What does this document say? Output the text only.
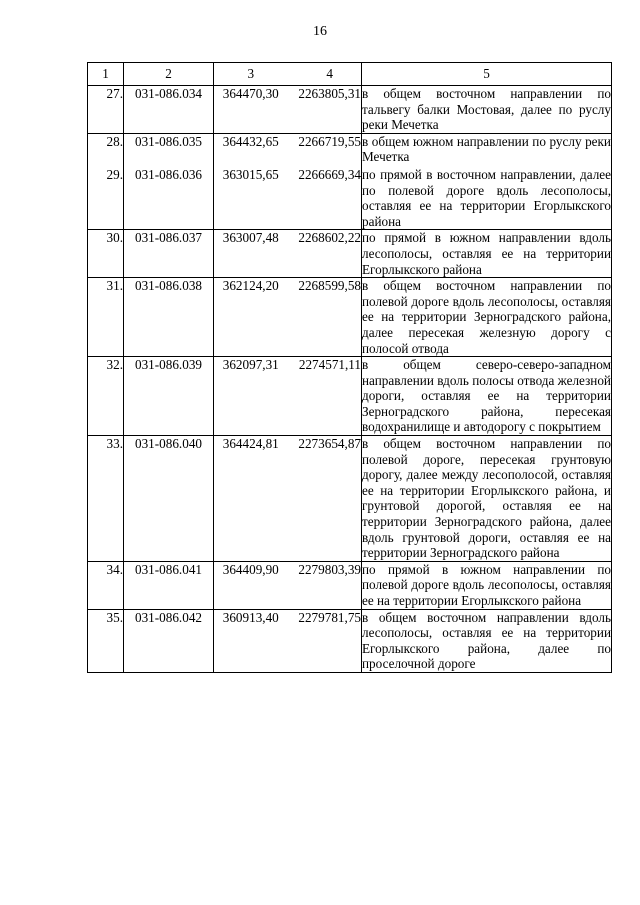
16
1	2	3	4	5
27.	031-086.034	364470,30	2263805,31	в общем восточном направлении по тальвегу балки Мостовая, далее по руслу реки Мечетка
28.	031-086.035	364432,65	2266719,55	в общем южном направлении по руслу реки Мечетка
29.	031-086.036	363015,65	2266669,34	по прямой в восточном направлении, далее по полевой дороге вдоль лесополосы, оставляя ее на территории Егорлыкского района
30.	031-086.037	363007,48	2268602,22	по прямой в южном направлении вдоль лесополосы, оставляя ее на территории Егорлыкского района
31.	031-086.038	362124,20	2268599,58	в общем восточном направлении по полевой дороге вдоль лесополосы, оставляя ее на территории Зерноградского района, далее пересекая железную дорогу с полосой отвода
32.	031-086.039	362097,31	2274571,11	в общем северо-северо-западном направлении вдоль полосы отвода железной дороги, оставляя ее на территории Зерноградского района, пересекая водохранилище и автодорогу с покрытием
33.	031-086.040	364424,81	2273654,87	в общем восточном направлении по полевой дороге, пересекая грунтовую дорогу, далее между лесополосой, оставляя ее на территории Егорлыкского района, и грунтовой дорогой, оставляя ее на территории Зерноградского района, далее вдоль грунтовой дороги, оставляя ее на территории Зерноградского района
34.	031-086.041	364409,90	2279803,39	по прямой в южном направлении по полевой дороге вдоль лесополосы, оставляя ее на территории Егорлыкского района
35.	031-086.042	360913,40	2279781,75	в общем восточном направлении вдоль лесополосы, оставляя ее на территории Егорлыкского района, далее по проселочной дороге
